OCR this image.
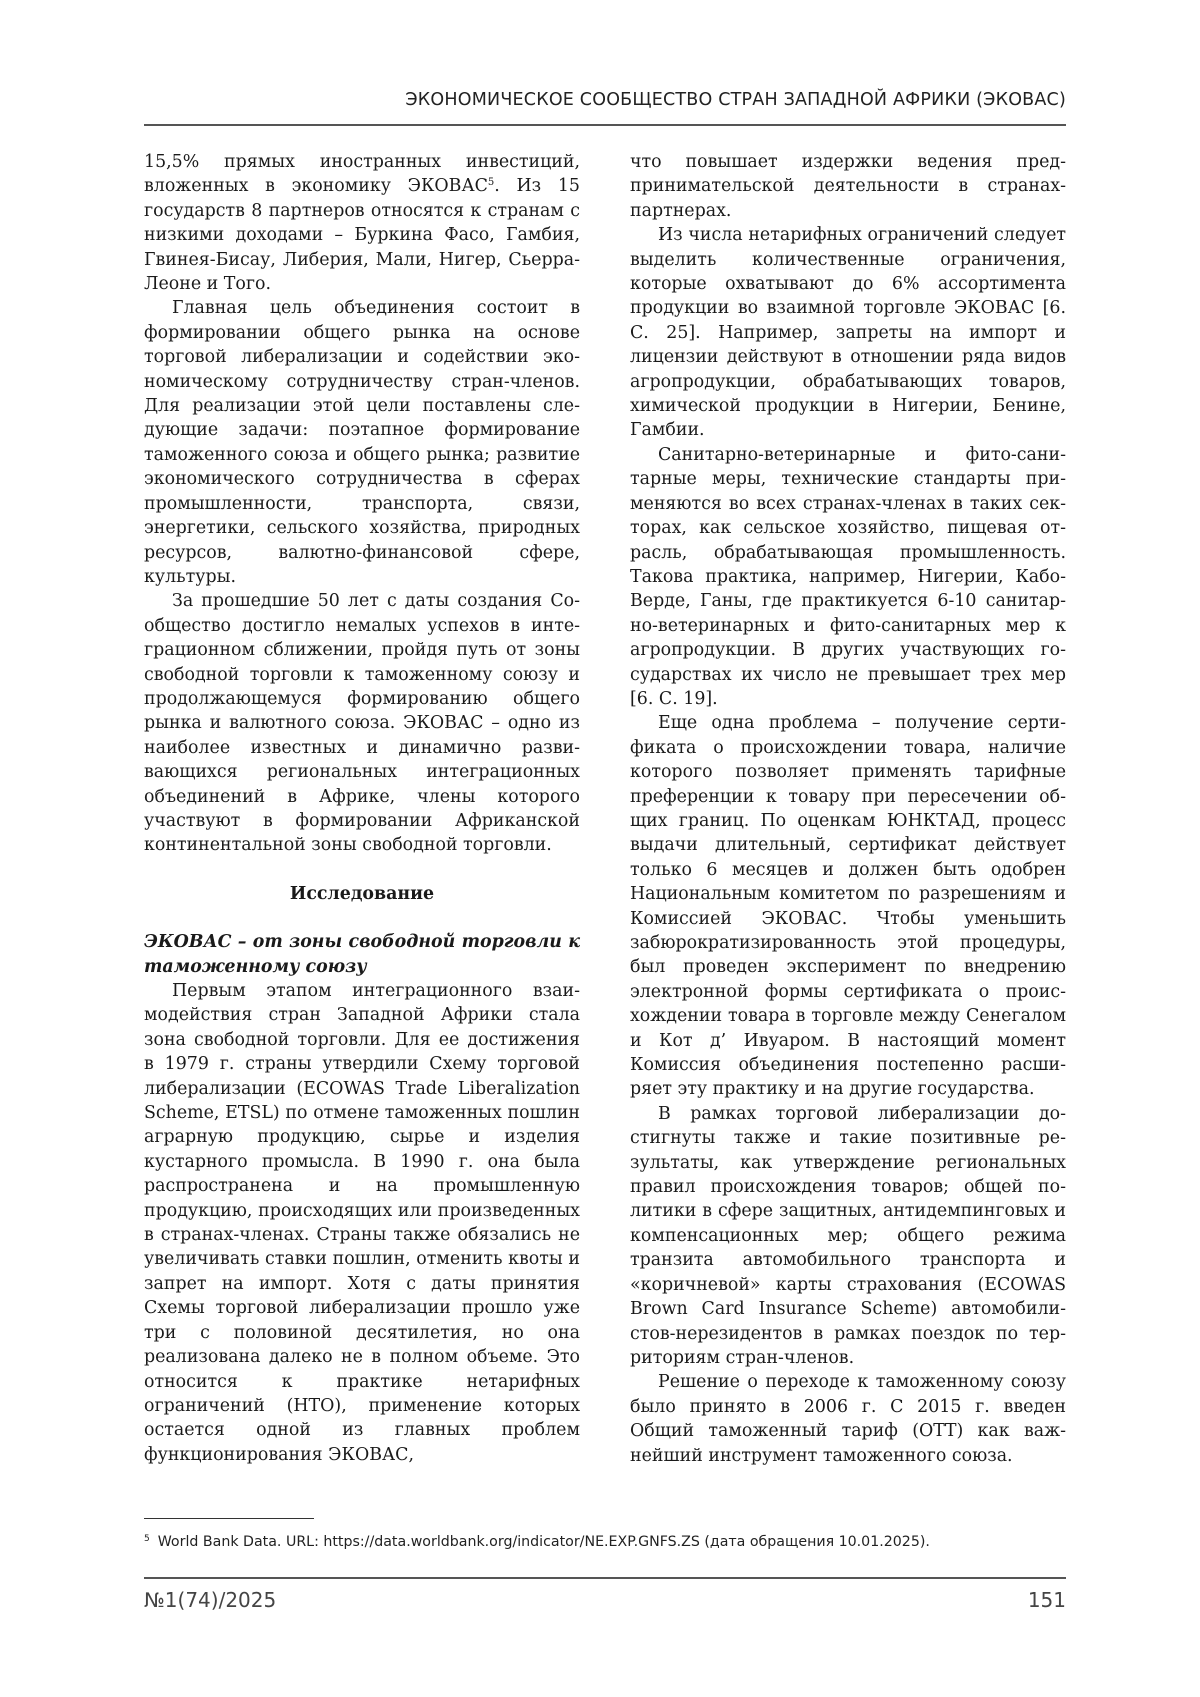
ЭКОНОМИЧЕСКОЕ СООБЩЕСТВО СТРАН ЗАПАДНОЙ АФРИКИ (ЭКОВАС)

15,5% прямых иностранных инвестиций, вложенных в экономику ЭКОВАС$^5$. Из 15 государств 8 партнеров относятся к странам с низкими доходами – Буркина Фасо, Гамбия, Гвинея-Бисау, Либерия, Мали, Нигер, Сьерра-Леоне и Того.

Главная цель объединения состоит в формировании общего рынка на основе торговой либерализации и содействии экономическому сотрудничеству стран-членов. Для реализации этой цели поставлены следующие задачи: поэтапное формирование таможенного союза и общего рынка; развитие экономического сотрудничества в сферах промышленности, транспорта, связи, энергетики, сельского хозяйства, природных ресурсов, валютно-финансовой сфере, культуры.

За прошедшие 50 лет с даты создания Сообщество достигло немалых успехов в интеграционном сближении, пройдя путь от зоны свободной торговли к таможенному союзу и продолжающемуся формированию общего рынка и валютного союза. ЭКОВАС – одно из наиболее известных и динамично развивающихся региональных интеграционных объединений в Африке, члены которого участвуют в формировании Африканской континентальной зоны свободной торговли.

Исследование

ЭКОВАС – от зоны свободной торговли к таможенному союзу

Первым этапом интеграционного взаимодействия стран Западной Африки стала зона свободной торговли. Для ее достижения в 1979 г. страны утвердили Схему торговой либерализации (ECOWAS Trade Liberalization Scheme, ETSL) по отмене таможенных пошлин аграрную продукцию, сырье и изделия кустарного промысла. В 1990 г. она была распространена и на промышленную продукцию, происходящих или произведенных в странах-членах. Страны также обязались не увеличивать ставки пошлин, отменить квоты и запрет на импорт. Хотя с даты принятия Схемы торговой либерализации прошло уже три с половиной десятилетия, но она реализована далеко не в полном объеме. Это относится к практике нетарифных ограничений (НТО), применение которых остается одной из главных проблем функционирования ЭКОВАС,

что повышает издержки ведения предпринимательской деятельности в странах-партнерах.

Из числа нетарифных ограничений следует выделить количественные ограничения, которые охватывают до 6% ассортимента продукции во взаимной торговле ЭКОВАС [6. С. 25]. Например, запреты на импорт и лицензии действуют в отношении ряда видов агропродукции, обрабатывающих товаров, химической продукции в Нигерии, Бенине, Гамбии.

Санитарно-ветеринарные и фито-санитарные меры, технические стандарты применяются во всех странах-членах в таких секторах, как сельское хозяйство, пищевая отрасль, обрабатывающая промышленность. Такова практика, например, Нигерии, Кабо-Верде, Ганы, где практикуется 6-10 санитарно-ветеринарных и фито-санитарных мер к агропродукции. В других участвующих государствах их число не превышает трех мер [6. С. 19].

Еще одна проблема – получение сертификата о происхождении товара, наличие которого позволяет применять тарифные преференции к товару при пересечении общих границ. По оценкам ЮНКТАД, процесс выдачи длительный, сертификат действует только 6 месяцев и должен быть одобрен Национальным комитетом по разрешениям и Комиссией ЭКОВАС. Чтобы уменьшить забюрократизированность этой процедуры, был проведен эксперимент по внедрению электронной формы сертификата о происхождении товара в торговле между Сенегалом и Кот д’ Ивуаром. В настоящий момент Комиссия объединения постепенно расширяет эту практику и на другие государства.

В рамках торговой либерализации достигнуты также и такие позитивные результаты, как утверждение региональных правил происхождения товаров; общей политики в сфере защитных, антидемпинговых и компенсационных мер; общего режима транзита автомобильного транспорта и «коричневой» карты страхования (ECOWAS Brown Card Insurance Scheme) автомобилистов-нерезидентов в рамках поездок по территориям стран-членов.

Решение о переходе к таможенному союзу было принято в 2006 г. С 2015 г. введен Общий таможенный тариф (ОТТ) как важнейший инструмент таможенного союза.

$^5$ World Bank Data. URL: https://data.worldbank.org/indicator/NE.EXP.GNFS.ZS (дата обращения 10.01.2025).
№1(74)/2025	151
